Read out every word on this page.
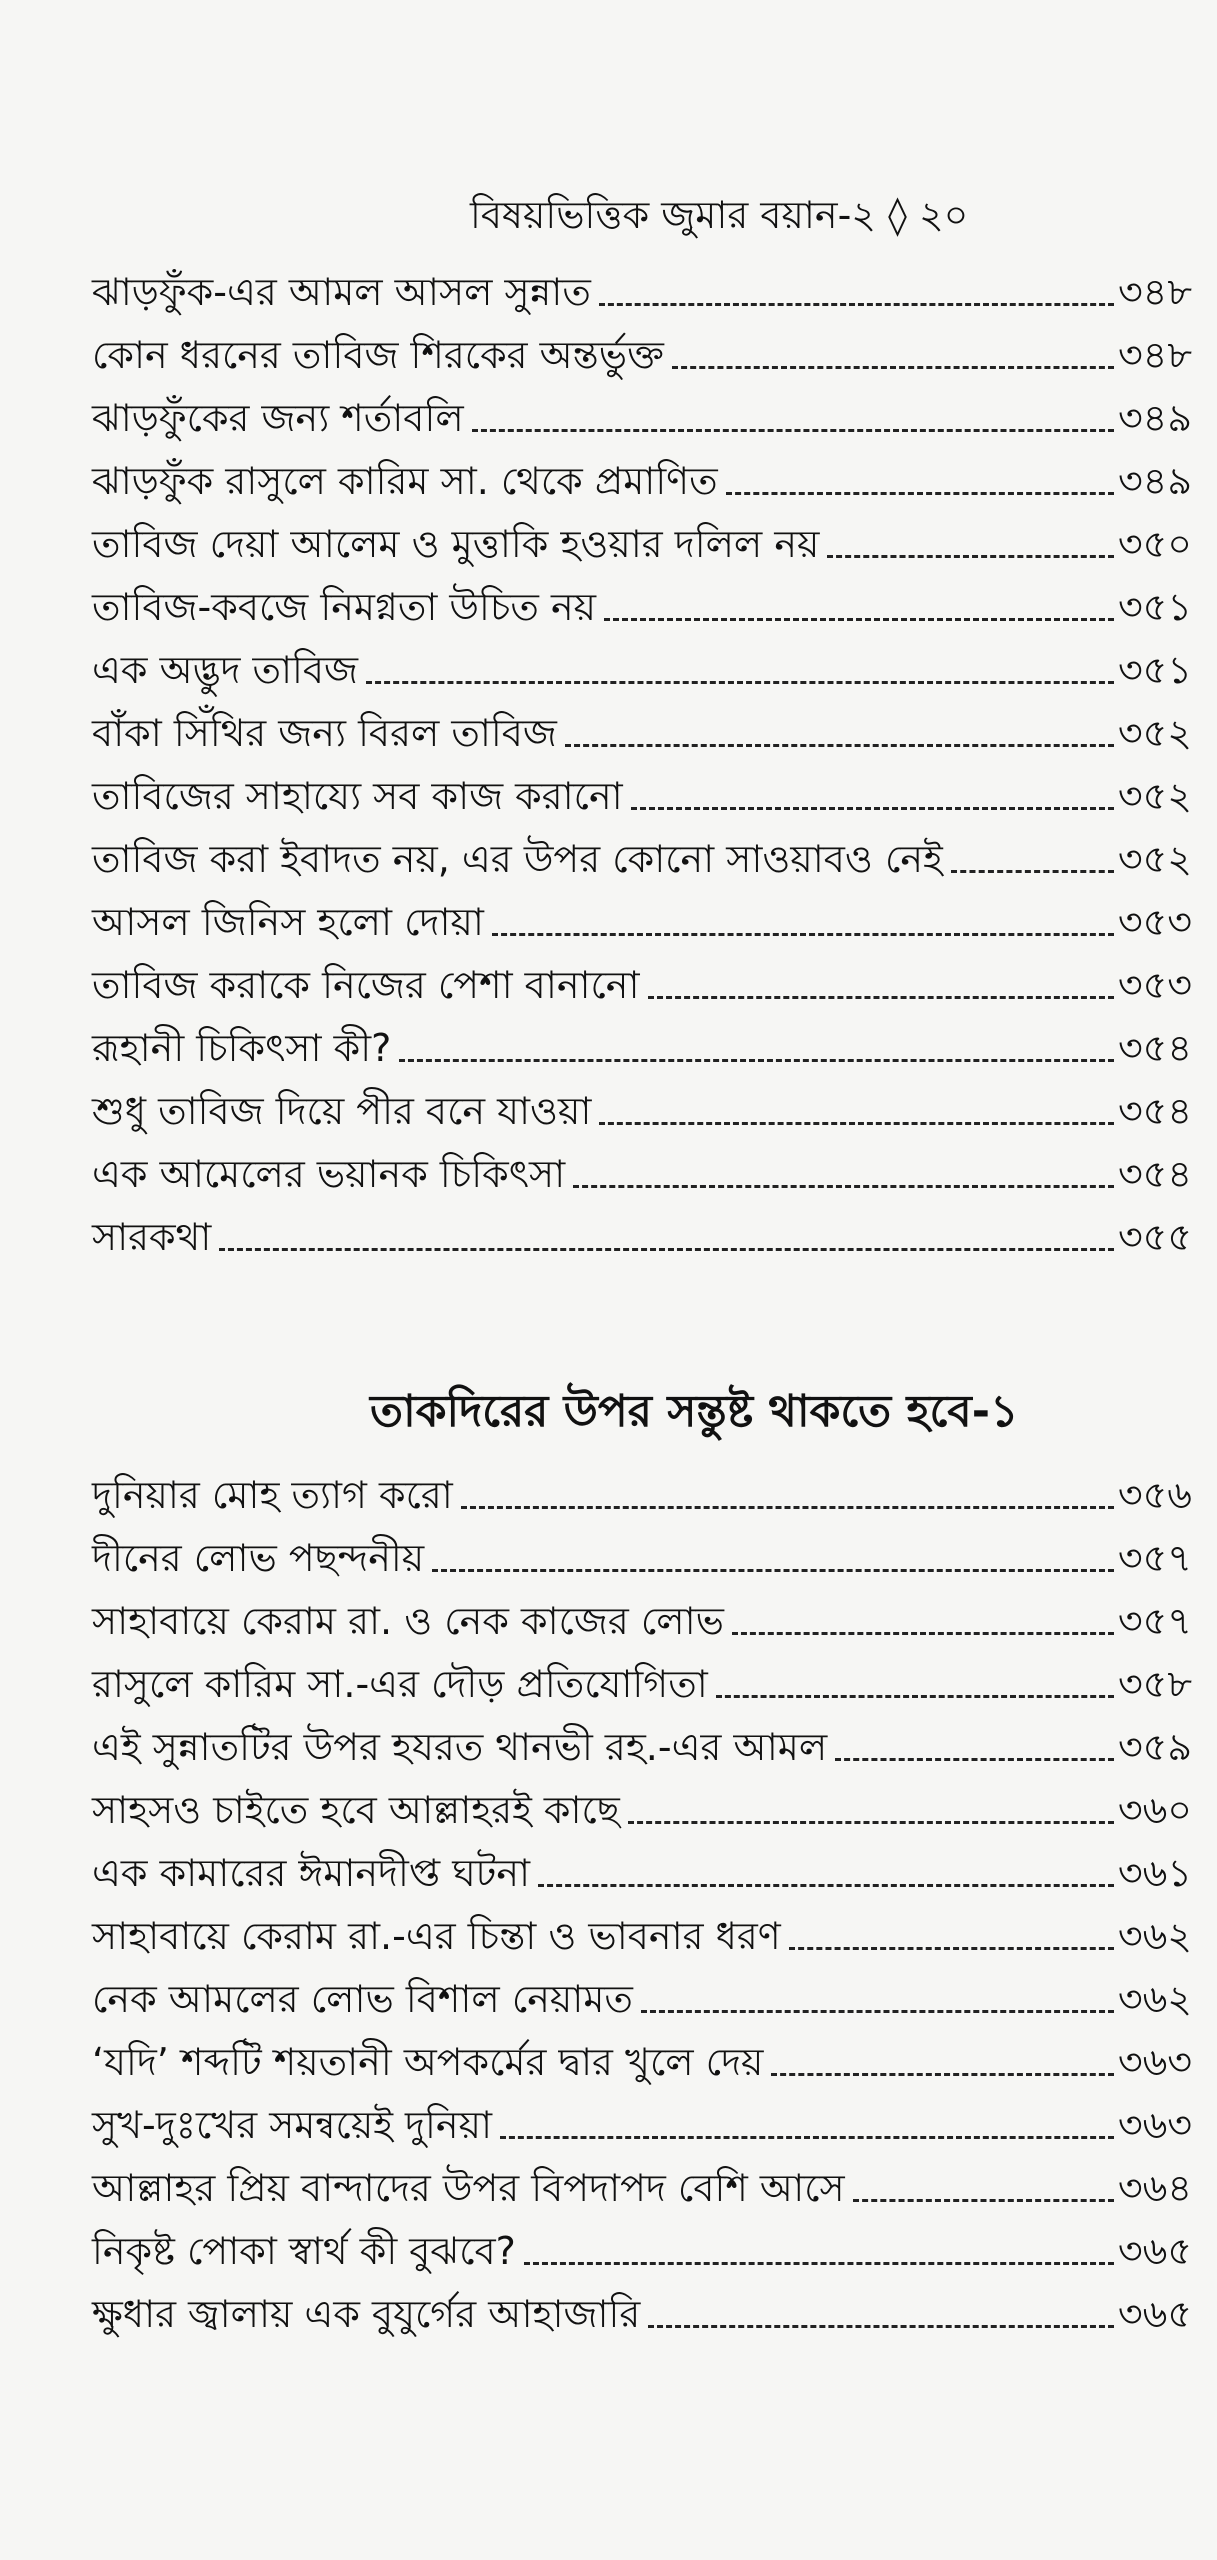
বিষয়ভিত্তিক জুমার বয়ান-২ ◊ ২০
ঝাড়ফুঁক-এর আমল আসল সুন্নাত	৩৪৮
কোন ধরনের তাবিজ শিরকের অন্তর্ভুক্ত	৩৪৮
ঝাড়ফুঁকের জন্য শর্তাবলি	৩৪৯
ঝাড়ফুঁক রাসুলে কারিম সা. থেকে প্রমাণিত	৩৪৯
তাবিজ দেয়া আলেম ও মুত্তাকি হওয়ার দলিল নয়	৩৫০
তাবিজ-কবজে নিমগ্নতা উচিত নয়	৩৫১
এক অদ্ভুদ তাবিজ	৩৫১
বাঁকা সিঁথির জন্য বিরল তাবিজ	৩৫২
তাবিজের সাহায্যে সব কাজ করানো	৩৫২
তাবিজ করা ইবাদত নয়, এর উপর কোনো সাওয়াবও নেই	৩৫২
আসল জিনিস হলো দোয়া	৩৫৩
তাবিজ করাকে নিজের পেশা বানানো	৩৫৩
রূহানী চিকিৎসা কী?	৩৫৪
শুধু তাবিজ দিয়ে পীর বনে যাওয়া	৩৫৪
এক আমেলের ভয়ানক চিকিৎসা	৩৫৪
সারকথা	৩৫৫
তাকদিরের উপর সন্তুষ্ট থাকতে হবে-১
দুনিয়ার মোহ ত্যাগ করো	৩৫৬
দীনের লোভ পছন্দনীয়	৩৫৭
সাহাবায়ে কেরাম রা. ও নেক কাজের লোভ	৩৫৭
রাসুলে কারিম সা.-এর দৌড় প্রতিযোগিতা	৩৫৮
এই সুন্নাতটির উপর হযরত থানভী রহ.-এর আমল	৩৫৯
সাহসও চাইতে হবে আল্লাহরই কাছে	৩৬০
এক কামারের ঈমানদীপ্ত ঘটনা	৩৬১
সাহাবায়ে কেরাম রা.-এর চিন্তা ও ভাবনার ধরণ	৩৬২
নেক আমলের লোভ বিশাল নেয়ামত	৩৬২
‘যদি’ শব্দটি শয়তানী অপকর্মের দ্বার খুলে দেয়	৩৬৩
সুখ-দুঃখের সমন্বয়েই দুনিয়া	৩৬৩
আল্লাহর প্রিয় বান্দাদের উপর বিপদাপদ বেশি আসে	৩৬৪
নিকৃষ্ট পোকা স্বার্থ কী বুঝবে?	৩৬৫
ক্ষুধার জ্বালায় এক বুযুর্গের আহাজারি	৩৬৫
